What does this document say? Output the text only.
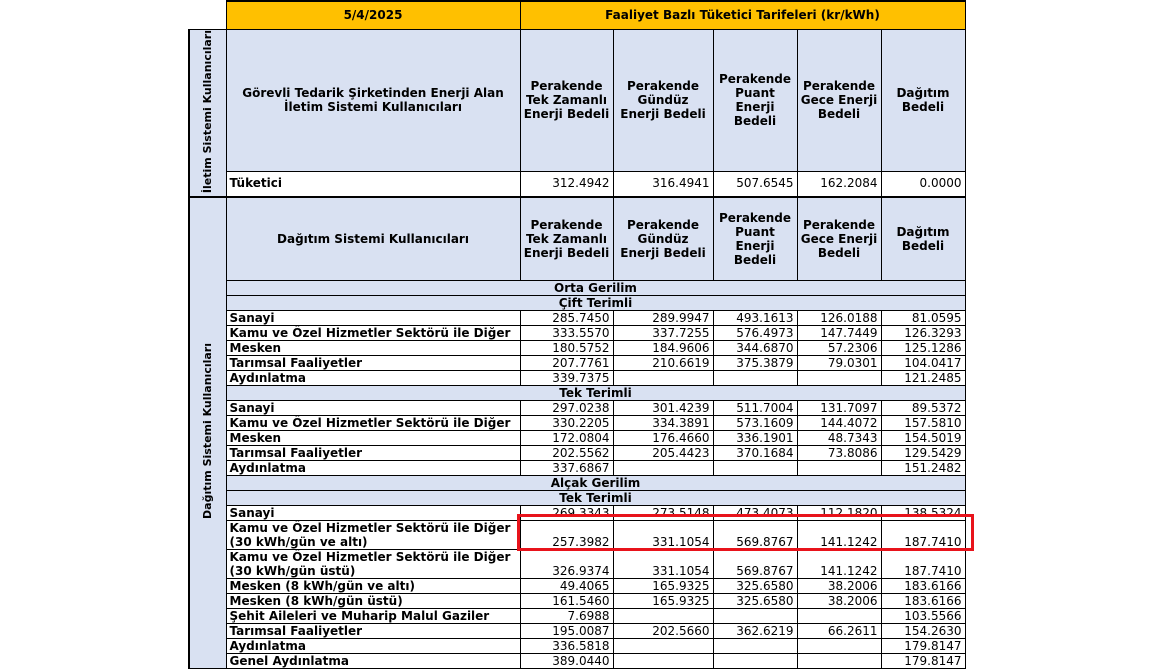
	5/4/2025	Faaliyet Bazlı Tüketici Tarifeleri (kr/kWh)				
İletim Sistemi Kullanıcıları	Görevli Tedarik Şirketinden Enerji Alan İletim Sistemi Kullanıcıları	Perakende Tek Zamanlı Enerji Bedeli	Perakende Gündüz Enerji Bedeli	Perakende Puant Enerji Bedeli	Perakende Gece Enerji Bedeli	Dağıtım Bedeli
	Tüketici	312.4942	316.4941	507.6545	162.2084	0.0000
Dağıtım Sistemi Kullanıcıları	Dağıtım Sistemi Kullanıcıları	Perakende Tek Zamanlı Enerji Bedeli	Perakende Gündüz Enerji Bedeli	Perakende Puant Enerji Bedeli	Perakende Gece Enerji Bedeli	Dağıtım Bedeli
	Orta Gerilim					
	Çift Terimli					
	Sanayi	285.7450	289.9947	493.1613	126.0188	81.0595
	Kamu ve Özel Hizmetler Sektörü ile Diğer	333.5570	337.7255	576.4973	147.7449	126.3293
	Mesken	180.5752	184.9606	344.6870	57.2306	125.1286
	Tarımsal Faaliyetler	207.7761	210.6619	375.3879	79.0301	104.0417
	Aydınlatma	339.7375				121.2485
	Tek Terimli					
	Sanayi	297.0238	301.4239	511.7004	131.7097	89.5372
	Kamu ve Özel Hizmetler Sektörü ile Diğer	330.2205	334.3891	573.1609	144.4072	157.5810
	Mesken	172.0804	176.4660	336.1901	48.7343	154.5019
	Tarımsal Faaliyetler	202.5562	205.4423	370.1684	73.8086	129.5429
	Aydınlatma	337.6867				151.2482
	Alçak Gerilim					
	Tek Terimli					
	Sanayi	269.3343	273.5148	473.4073	112.1820	138.5324
	Kamu ve Özel Hizmetler Sektörü ile Diğer (30 kWh/gün ve altı)	257.3982	331.1054	569.8767	141.1242	187.7410
	Kamu ve Özel Hizmetler Sektörü ile Diğer (30 kWh/gün üstü)	326.9374	331.1054	569.8767	141.1242	187.7410
	Mesken (8 kWh/gün ve altı)	49.4065	165.9325	325.6580	38.2006	183.6166
	Mesken (8 kWh/gün üstü)	161.5460	165.9325	325.6580	38.2006	183.6166
	Şehit Aileleri ve Muharip Malul Gaziler	7.6988				103.5566
	Tarımsal Faaliyetler	195.0087	202.5660	362.6219	66.2611	154.2630
	Aydınlatma	336.5818				179.8147
	Genel Aydınlatma	389.0440				179.8147
